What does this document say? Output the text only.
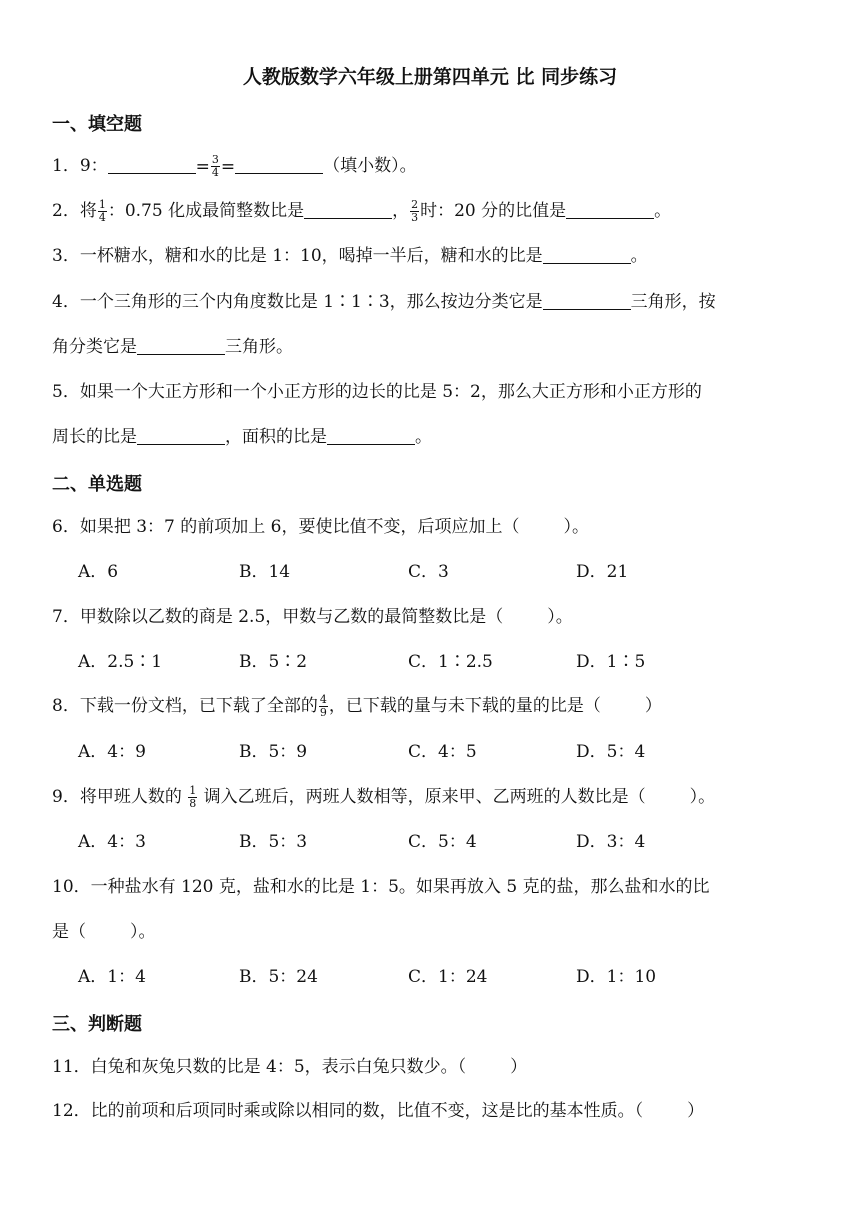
人教版数学六年级上册第四单元 比 同步练习
一、填空题
1．9：	= $\frac{3}{4}$ =	（填小数）。
2．将 $\frac{1}{4}$ ：0.75 化成最简整数比是	， $\frac{2}{3}$ 时：20 分的比值是	。
3．一杯糖水，糖和水的比是 1：10，喝掉一半后，糖和水的比是	。
4．一个三角形的三个内角度数比是 1∶1∶3，那么按边分类它是	三角形，按
角分类它是	三角形。
5．如果一个大正方形和一个小正方形的边长的比是 5：2，那么大正方形和小正方形的
周长的比是	，面积的比是	。
二、单选题
6．如果把 3：7 的前项加上 6，要使比值不变，后项应加上（	）。
A．6	B．14	C．3	D．21
7．甲数除以乙数的商是 2.5，甲数与乙数的最简整数比是（	）。
A．2.5∶1	B．5∶2	C．1∶2.5	D．1∶5
8．下载一份文档，已下载了全部的 $\frac{4}{9}$ ，已下载的量与未下载的量的比是（	）
A．4：9	B．5：9	C．4：5	D．5：4
9．将甲班人数的 $\frac{1}{8}$ 调入乙班后，两班人数相等，原来甲、乙两班的人数比是（	）。
A．4：3	B．5：3	C．5：4	D．3：4
10．一种盐水有 120 克，盐和水的比是 1：5。如果再放入 5 克的盐，那么盐和水的比
是（	）。
A．1：4	B．5：24	C．1：24	D．1：10
三、判断题
11．白兔和灰兔只数的比是 4：5，表示白兔只数少。（	）
12．比的前项和后项同时乘或除以相同的数，比值不变，这是比的基本性质。（	）
